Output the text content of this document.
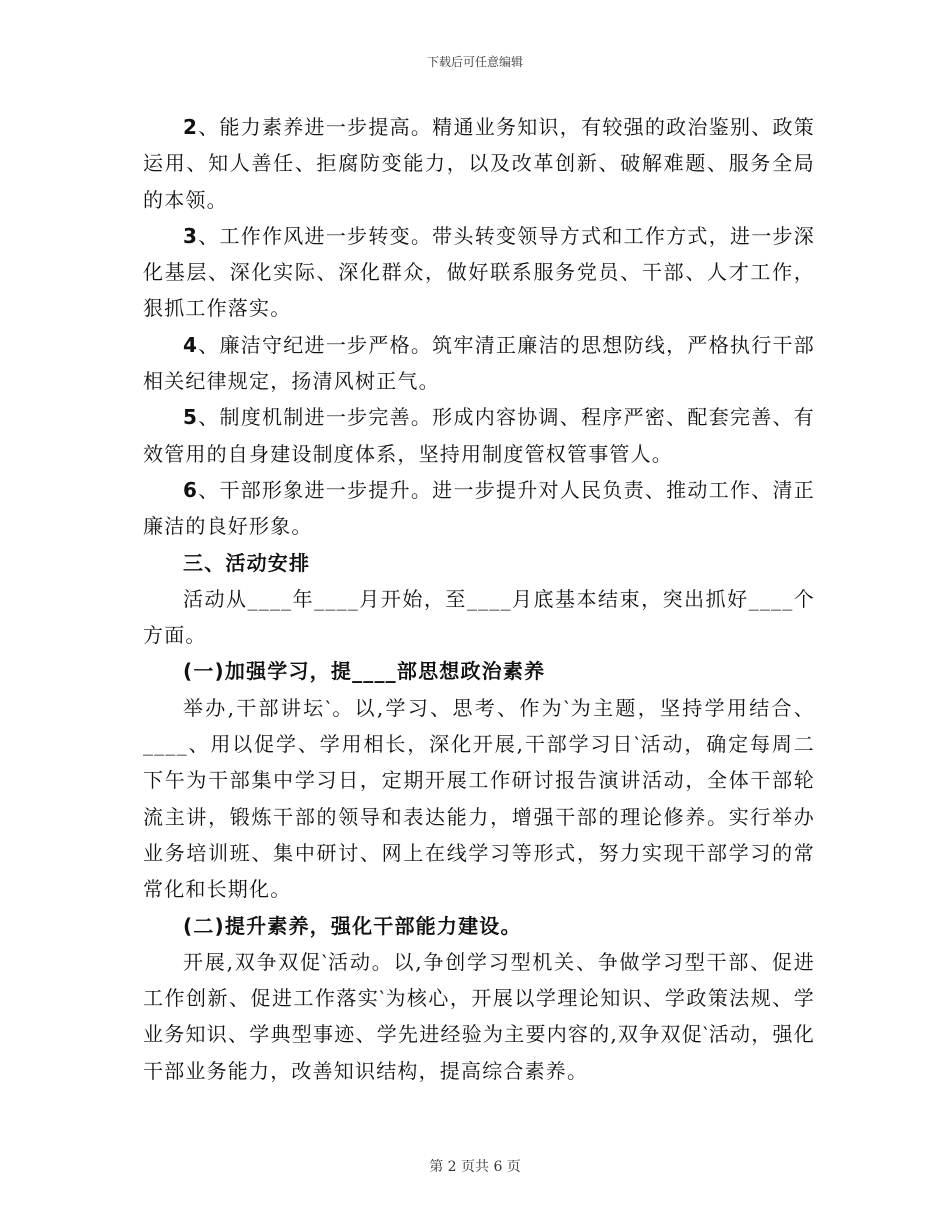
下载后可任意编辑

2、能力素养进一步提高。精通业务知识，有较强的政治鉴别、政策运用、知人善任、拒腐防变能力，以及改革创新、破解难题、服务全局的本领。

3、工作作风进一步转变。带头转变领导方式和工作方式，进一步深化基层、深化实际、深化群众，做好联系服务党员、干部、人才工作，狠抓工作落实。

4、廉洁守纪进一步严格。筑牢清正廉洁的思想防线，严格执行干部相关纪律规定，扬清风树正气。

5、制度机制进一步完善。形成内容协调、程序严密、配套完善、有效管用的自身建设制度体系，坚持用制度管权管事管人。

6、干部形象进一步提升。进一步提升对人民负责、推动工作、清正廉洁的良好形象。

三、活动安排

活动从____年____月开始，至____月底基本结束，突出抓好____个方面。

(一)加强学习，提____部思想政治素养

举办,干部讲坛‵。以,学习、思考、作为‵为主题，坚持学用结合、____、用以促学、学用相长，深化开展,干部学习日‵活动，确定每周二下午为干部集中学习日，定期开展工作研讨报告演讲活动，全体干部轮流主讲，锻炼干部的领导和表达能力，增强干部的理论修养。实行举办业务培训班、集中研讨、网上在线学习等形式，努力实现干部学习的常常化和长期化。

(二)提升素养，强化干部能力建设。

开展,双争双促‵活动。以,争创学习型机关、争做学习型干部、促进工作创新、促进工作落实‵为核心，开展以学理论知识、学政策法规、学业务知识、学典型事迹、学先进经验为主要内容的,双争双促‵活动，强化干部业务能力，改善知识结构，提高综合素养。

第 2 页共 6 页
